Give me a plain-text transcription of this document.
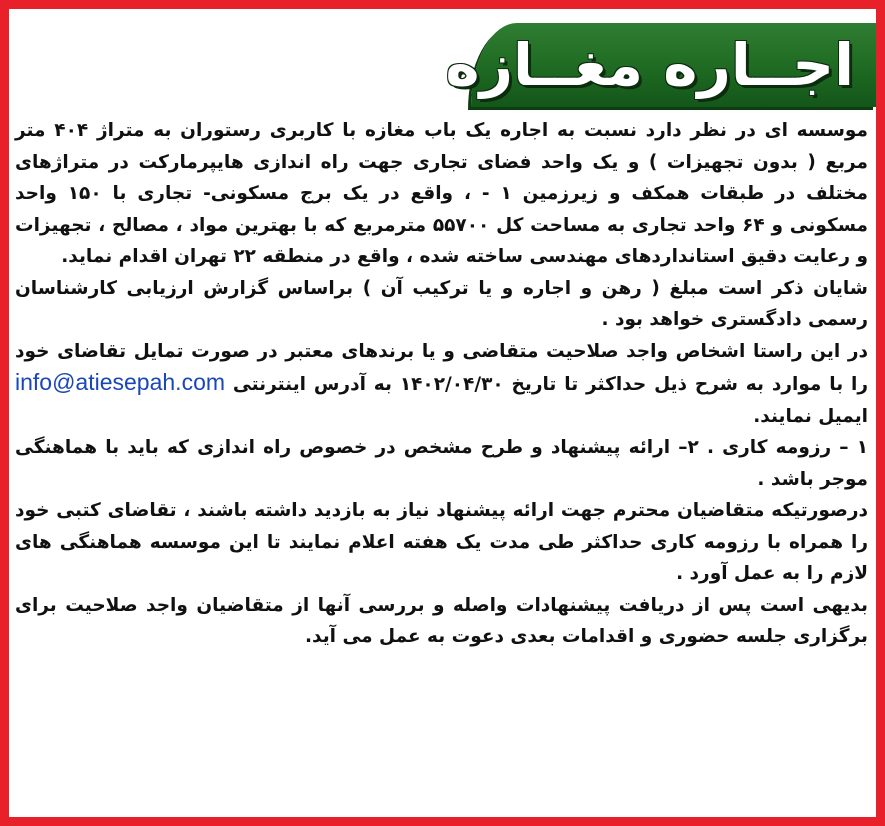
اجــاره مغــازه

موسسه ای در نظر دارد نسبت به اجاره یک باب مغازه با کاربری رستوران به متراژ ۴۰۴ متر مربع ( بدون تجهیزات ) و یک واحد فضای تجاری جهت راه اندازی هایپرمارکت در متراژهای مختلف در طبقات همکف و زیرزمین ۱ - ، واقع در یک برج مسکونی- تجاری با ۱۵۰ واحد مسکونی و ۶۴ واحد تجاری به مساحت کل ۵۵۷۰۰ مترمربع که با بهترین مواد ، مصالح ، تجهیزات و رعایت دقیق استانداردهای مهندسی ساخته شده ، واقع در منطقه ۲۲ تهران اقدام نماید.

شایان ذکر است مبلغ ( رهن و اجاره و یا ترکیب آن ) براساس گزارش ارزیابی کارشناسان رسمی دادگستری خواهد بود .

در این راستا اشخاص واجد صلاحیت متقاضی و یا برندهای معتبر در صورت تمایل تقاضای خود را با موارد به شرح ذیل حداکثر تا تاریخ ۱۴۰۲/۰۴/۳۰ به آدرس اینترنتی info@atiesepah.com ایمیل نمایند.

۱ – رزومه کاری . ۲– ارائه پیشنهاد و طرح مشخص در خصوص راه اندازی که باید با هماهنگی موجر باشد .

درصورتیکه متقاضیان محترم جهت ارائه پیشنهاد نیاز به بازدید داشته باشند ، تقاضای کتبی خود را همراه با رزومه کاری حداکثر طی مدت یک هفته اعلام نمایند تا این موسسه هماهنگی های لازم را به عمل آورد .

بدیهی است پس از دریافت پیشنهادات واصله و بررسی آنها از متقاضیان واجد صلاحیت برای برگزاری جلسه حضوری و اقدامات بعدی دعوت به عمل می آید.
